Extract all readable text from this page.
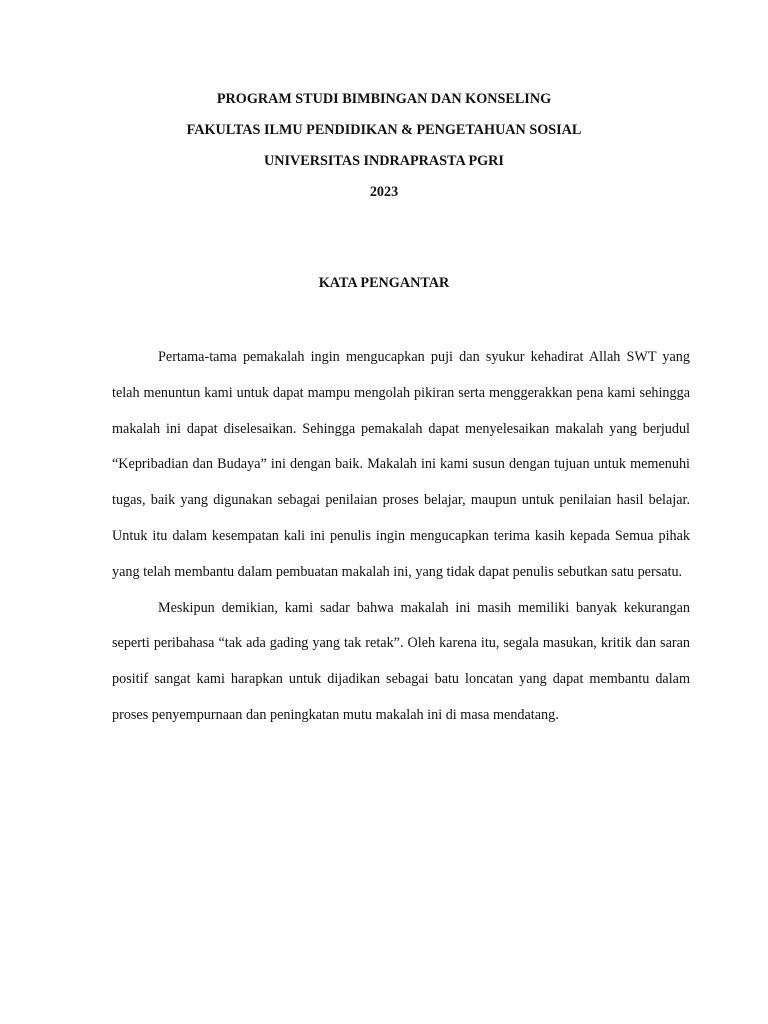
PROGRAM STUDI BIMBINGAN DAN KONSELING
FAKULTAS ILMU PENDIDIKAN & PENGETAHUAN SOSIAL
UNIVERSITAS INDRAPRASTA PGRI
2023
KATA PENGANTAR

Pertama-tama pemakalah ingin mengucapkan puji dan syukur kehadirat Allah SWT yang telah menuntun kami untuk dapat mampu mengolah pikiran serta menggerakkan pena kami sehingga makalah ini dapat diselesaikan. Sehingga pemakalah dapat menyelesaikan makalah yang berjudul “Kepribadian dan Budaya” ini dengan baik. Makalah ini kami susun dengan tujuan untuk memenuhi tugas, baik yang digunakan sebagai penilaian proses belajar, maupun untuk penilaian hasil belajar. Untuk itu dalam kesempatan kali ini penulis ingin mengucapkan terima kasih kepada Semua pihak yang telah membantu dalam pembuatan makalah ini, yang tidak dapat penulis sebutkan satu persatu.

Meskipun demikian, kami sadar bahwa makalah ini masih memiliki banyak kekurangan seperti peribahasa “tak ada gading yang tak retak”. Oleh karena itu, segala masukan, kritik dan saran positif sangat kami harapkan untuk dijadikan sebagai batu loncatan yang dapat membantu dalam proses penyempurnaan dan peningkatan mutu makalah ini di masa mendatang.
